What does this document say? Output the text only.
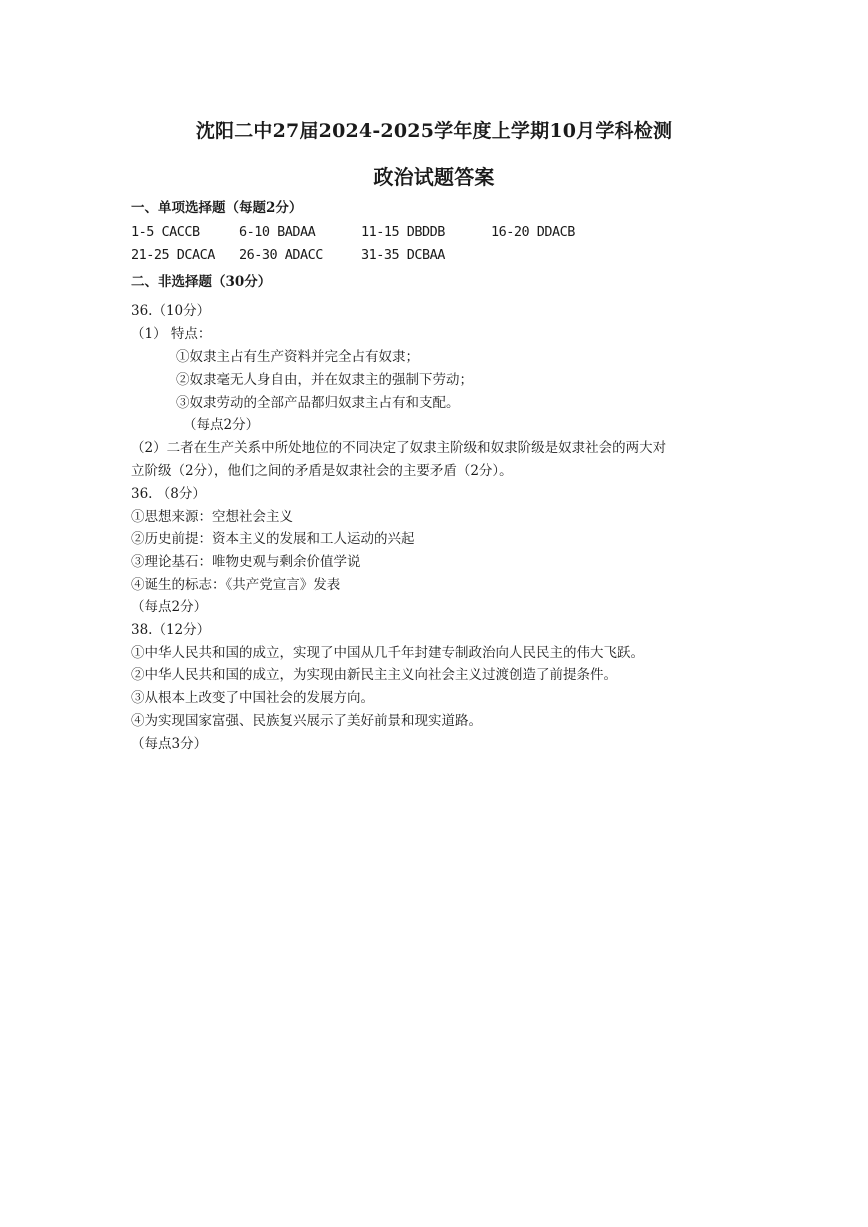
沈阳二中27届2024-2025学年度上学期10月学科检测
政治试题答案
一、单项选择题（每题2分）
1-5 CACCB	6-10 BADAA	11-15 DBDDB	16-20 DDACB
21-25 DCACA 26-30 ADACC	31-35 DCBAA
二、非选择题（30分）
36.（10分）
（1） 特点：
①奴隶主占有生产资料并完全占有奴隶；
②奴隶毫无人身自由，并在奴隶主的强制下劳动；
③奴隶劳动的全部产品都归奴隶主占有和支配。
（每点2分）
（2）二者在生产关系中所处地位的不同决定了奴隶主阶级和奴隶阶级是奴隶社会的两大对
立阶级（2分），他们之间的矛盾是奴隶社会的主要矛盾（2分）。
36. （8分）
①思想来源：空想社会主义
②历史前提：资本主义的发展和工人运动的兴起
③理论基石：唯物史观与剩余价值学说
④诞生的标志：《共产党宣言》发表
（每点2分）
38.（12分）
①中华人民共和国的成立，实现了中国从几千年封建专制政治向人民民主的伟大飞跃。
②中华人民共和国的成立，为实现由新民主主义向社会主义过渡创造了前提条件。
③从根本上改变了中国社会的发展方向。
④为实现国家富强、民族复兴展示了美好前景和现实道路。
（每点3分）
